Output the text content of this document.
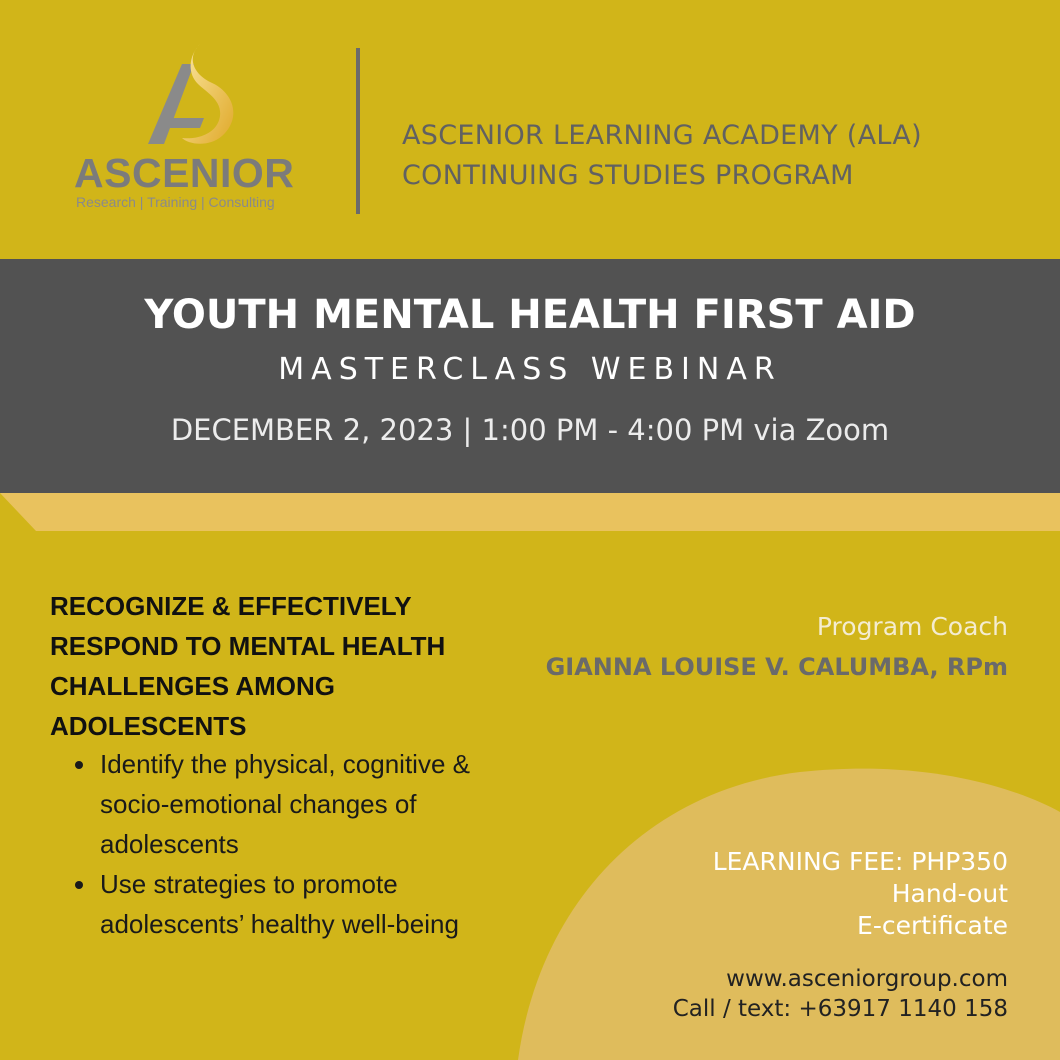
ASCENIOR
Research | Training | Consulting
ASCENIOR LEARNING ACADEMY (ALA)
CONTINUING STUDIES PROGRAM
YOUTH MENTAL HEALTH FIRST AID
MASTERCLASS WEBINAR
DECEMBER 2, 2023 | 1:00 PM - 4:00 PM via Zoom
RECOGNIZE & EFFECTIVELY RESPOND TO MENTAL HEALTH CHALLENGES AMONG ADOLESCENTS
• Identify the physical, cognitive & socio-emotional changes of adolescents
• Use strategies to promote adolescents’ healthy well-being
Program Coach
GIANNA LOUISE V. CALUMBA, RPm
LEARNING FEE: PHP350
Hand-out
E-certificate
www.asceniorgroup.com
Call / text: +63917 1140 158
